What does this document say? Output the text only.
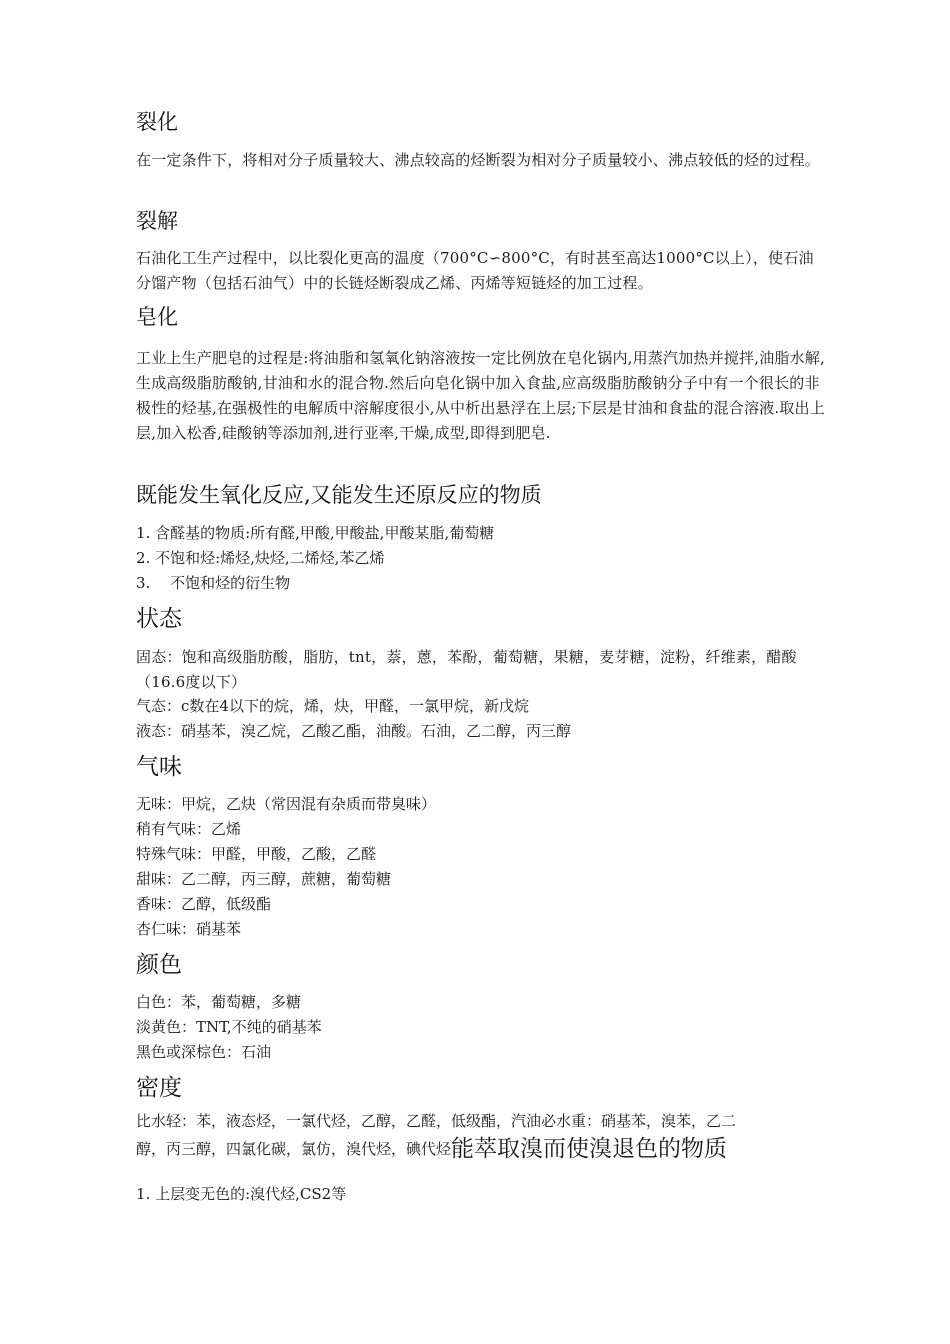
裂化
在一定条件下，将相对分子质量较大、沸点较高的烃断裂为相对分子质量较小、沸点较低的烃的过程。
裂解
石油化工生产过程中，以比裂化更高的温度（700°C∽800°C，有时甚至高达1000°C以上），使石油分馏产物（包括石油气）中的长链烃断裂成乙烯、丙烯等短链烃的加工过程。
皂化
工业上生产肥皂的过程是:将油脂和氢氧化钠溶液按一定比例放在皂化锅内,用蒸汽加热并搅拌,油脂水解,生成高级脂肪酸钠,甘油和水的混合物.然后向皂化锅中加入食盐,应高级脂肪酸钠分子中有一个很长的非极性的烃基,在强极性的电解质中溶解度很小,从中析出悬浮在上层;下层是甘油和食盐的混合溶液.取出上层,加入松香,硅酸钠等添加剂,进行亚率,干燥,成型,即得到肥皂.
既能发生氧化反应,又能发生还原反应的物质
1. 含醛基的物质:所有醛,甲酸,甲酸盐,甲酸某脂,葡萄糖
2. 不饱和烃:烯烃,炔烃,二烯烃,苯乙烯
3.　 不饱和烃的衍生物
状态
固态：饱和高级脂肪酸，脂肪，tnt，萘，蒽，苯酚，葡萄糖，果糖，麦芽糖，淀粉，纤维素，醋酸（16.6度以下）
气态：c数在4以下的烷，烯，炔，甲醛，一氯甲烷，新戊烷
液态：硝基苯，溴乙烷，乙酸乙酯，油酸。石油，乙二醇，丙三醇
气味
无味：甲烷，乙炔（常因混有杂质而带臭味）
稍有气味：乙烯
特殊气味：甲醛，甲酸，乙酸，乙醛
甜味：乙二醇，丙三醇，蔗糖，葡萄糖
香味：乙醇，低级酯
杏仁味：硝基苯
颜色
白色：苯，葡萄糖，多糖
淡黄色：TNT,不纯的硝基苯
黑色或深棕色：石油
密度
比水轻：苯，液态烃，一氯代烃，乙醇，乙醛，低级酯，汽油必水重：硝基苯，溴苯，乙二
醇，丙三醇，四氯化碳，氯仿，溴代烃，碘代烃能萃取溴而使溴退色的物质
1. 上层变无色的:溴代烃,CS2等
